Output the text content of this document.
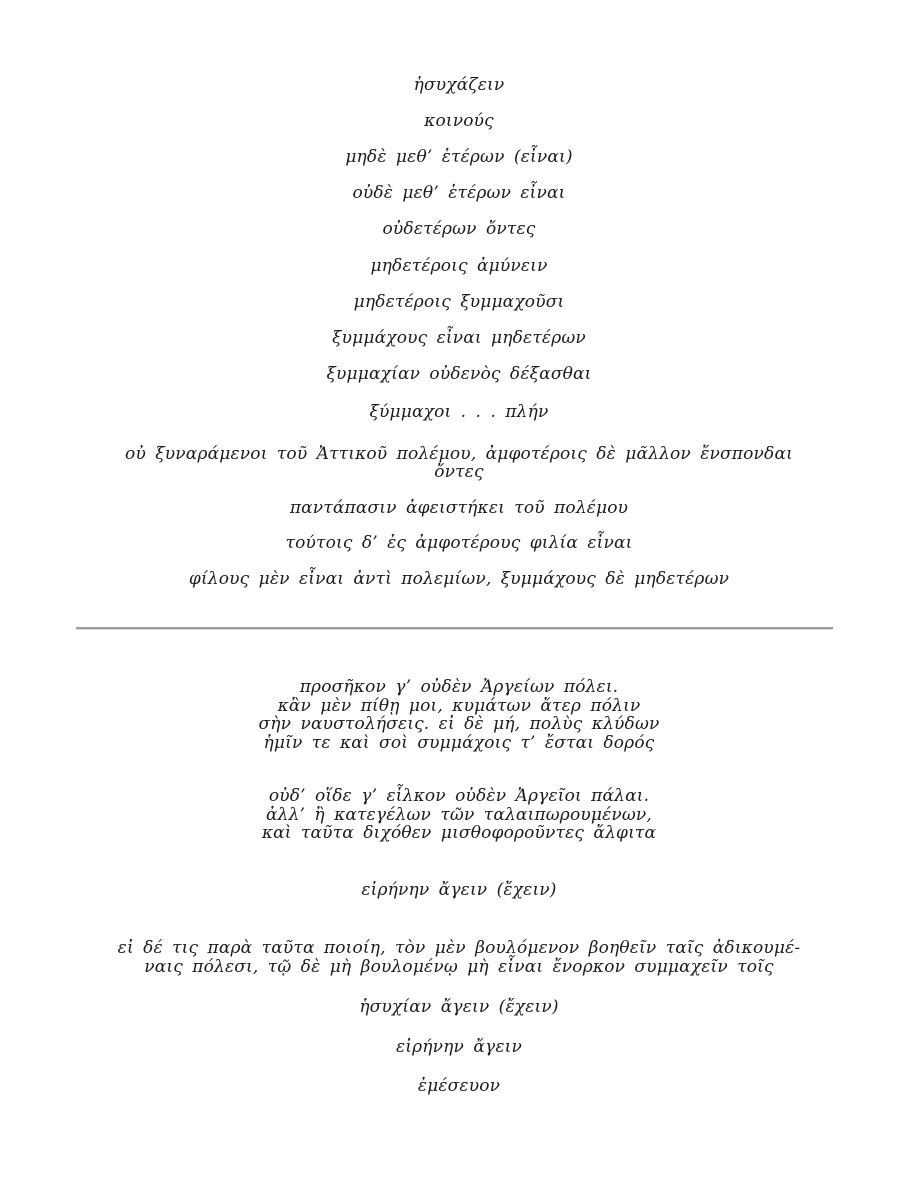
ἡσυχάζειν
κοινούς
μηδὲ μεθ’ ἑτέρων (εἶναι)
οὐδὲ μεθ’ ἑτέρων εἶναι
οὐδετέρων ὄντες
μηδετέροις ἀμύνειν
μηδετέροις ξυμμαχοῦσι
ξυμμάχους εἶναι μηδετέρων
ξυμμαχίαν οὐδενὸς δέξασθαι
ξύμμαχοι . . . πλήν
οὐ ξυναράμενοι τοῦ Ἀττικοῦ πολέμου, ἀμφοτέροις δὲ μᾶλλον ἔνσπονδαι
ὄντες
παντάπασιν ἀφειστήκει τοῦ πολέμου
τούτοις δ’ ἐς ἀμφοτέρους φιλία εἶναι
φίλους μὲν εἶναι ἀντὶ πολεμίων, ξυμμάχους δὲ μηδετέρων
προσῆκον γ’ οὐδὲν Ἀργείων πόλει.
κἂν μὲν πίθῃ μοι, κυμάτων ἄτερ πόλιν
σὴν ναυστολήσεις. εἰ δὲ μή, πολὺς κλύδων
ἡμῖν τε καὶ σοὶ συμμάχοις τ’ ἔσται δορός
οὐδ’ οἵδε γ’ εἷλκον οὐδὲν Ἀργεῖοι πάλαι.
ἀλλ’ ἢ κατεγέλων τῶν ταλαιπωρουμένων,
καὶ ταῦτα διχόθεν μισθοφοροῦντες ἄλφιτα
εἰρήνην ἄγειν (ἔχειν)
εἰ δέ τις παρὰ ταῦτα ποιοίη, τὸν μὲν βουλόμενον βοηθεῖν ταῖς ἀδικουμέ-
ναις πόλεσι, τῷ δὲ μὴ βουλομένῳ μὴ εἶναι ἔνορκον συμμαχεῖν τοῖς
ἡσυχίαν ἄγειν (ἔχειν)
εἰρήνην ἄγειν
ἐμέσευον
